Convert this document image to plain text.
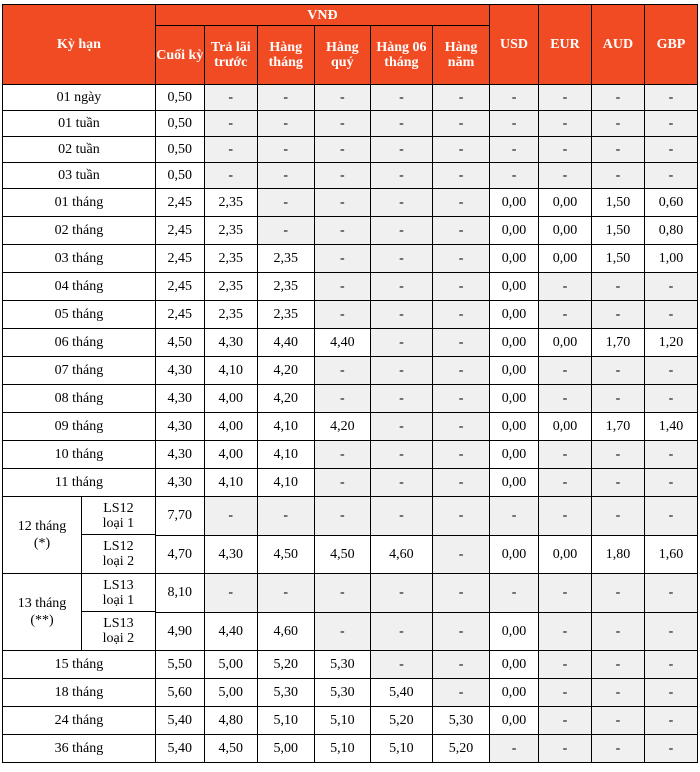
Kỳ hạn	VNĐ						USD	EUR	AUD	GBP
	Cuối kỳ	Trả lãi trước	Hàng tháng	Hàng quý	Hàng 06 tháng	Hàng năm				
01 ngày	0,50	-	-	-	-	-	-	-	-	-
01 tuần	0,50	-	-	-	-	-	-	-	-	-
02 tuần	0,50	-	-	-	-	-	-	-	-	-
03 tuần	0,50	-	-	-	-	-	-	-	-	-
01 tháng	2,45	2,35	-	-	-	-	0,00	0,00	1,50	0,60
02 tháng	2,45	2,35	-	-	-	-	0,00	0,00	1,50	0,80
03 tháng	2,45	2,35	2,35	-	-	-	0,00	0,00	1,50	1,00
04 tháng	2,45	2,35	2,35	-	-	-	0,00	-	-	-
05 tháng	2,45	2,35	2,35	-	-	-	0,00	-	-	-
06 tháng	4,50	4,30	4,40	4,40	-	-	0,00	0,00	1,70	1,20
07 tháng	4,30	4,10	4,20	-	-	-	0,00	-	-	-
08 tháng	4,30	4,00	4,20	-	-	-	0,00	-	-	-
09 tháng	4,30	4,00	4,10	4,20	-	-	0,00	0,00	1,70	1,40
10 tháng	4,30	4,00	4,10	-	-	-	0,00	-	-	-
11 tháng	4,30	4,10	4,10	-	-	-	0,00	-	-	-

12 tháng (*)
LS12 loại 1	7,70	-	-	-	-	-	-	-	-	-

LS12 loại 2	4,70	4,30	4,50	4,50	4,60	-	0,00	0,00	1,80	1,60

13 tháng (**)
LS13 loại 1	8,10	-	-	-	-	-	-	-	-	-

LS13 loại 2	4,90	4,40	4,60	-	-	-	0,00	-	-	-
15 tháng	5,50	5,00	5,20	5,30	-	-	0,00	-	-	-
18 tháng	5,60	5,00	5,30	5,30	5,40	-	0,00	-	-	-
24 tháng	5,40	4,80	5,10	5,10	5,20	5,30	0,00	-	-	-
36 tháng	5,40	4,50	5,00	5,10	5,10	5,20	-	-	-	-
